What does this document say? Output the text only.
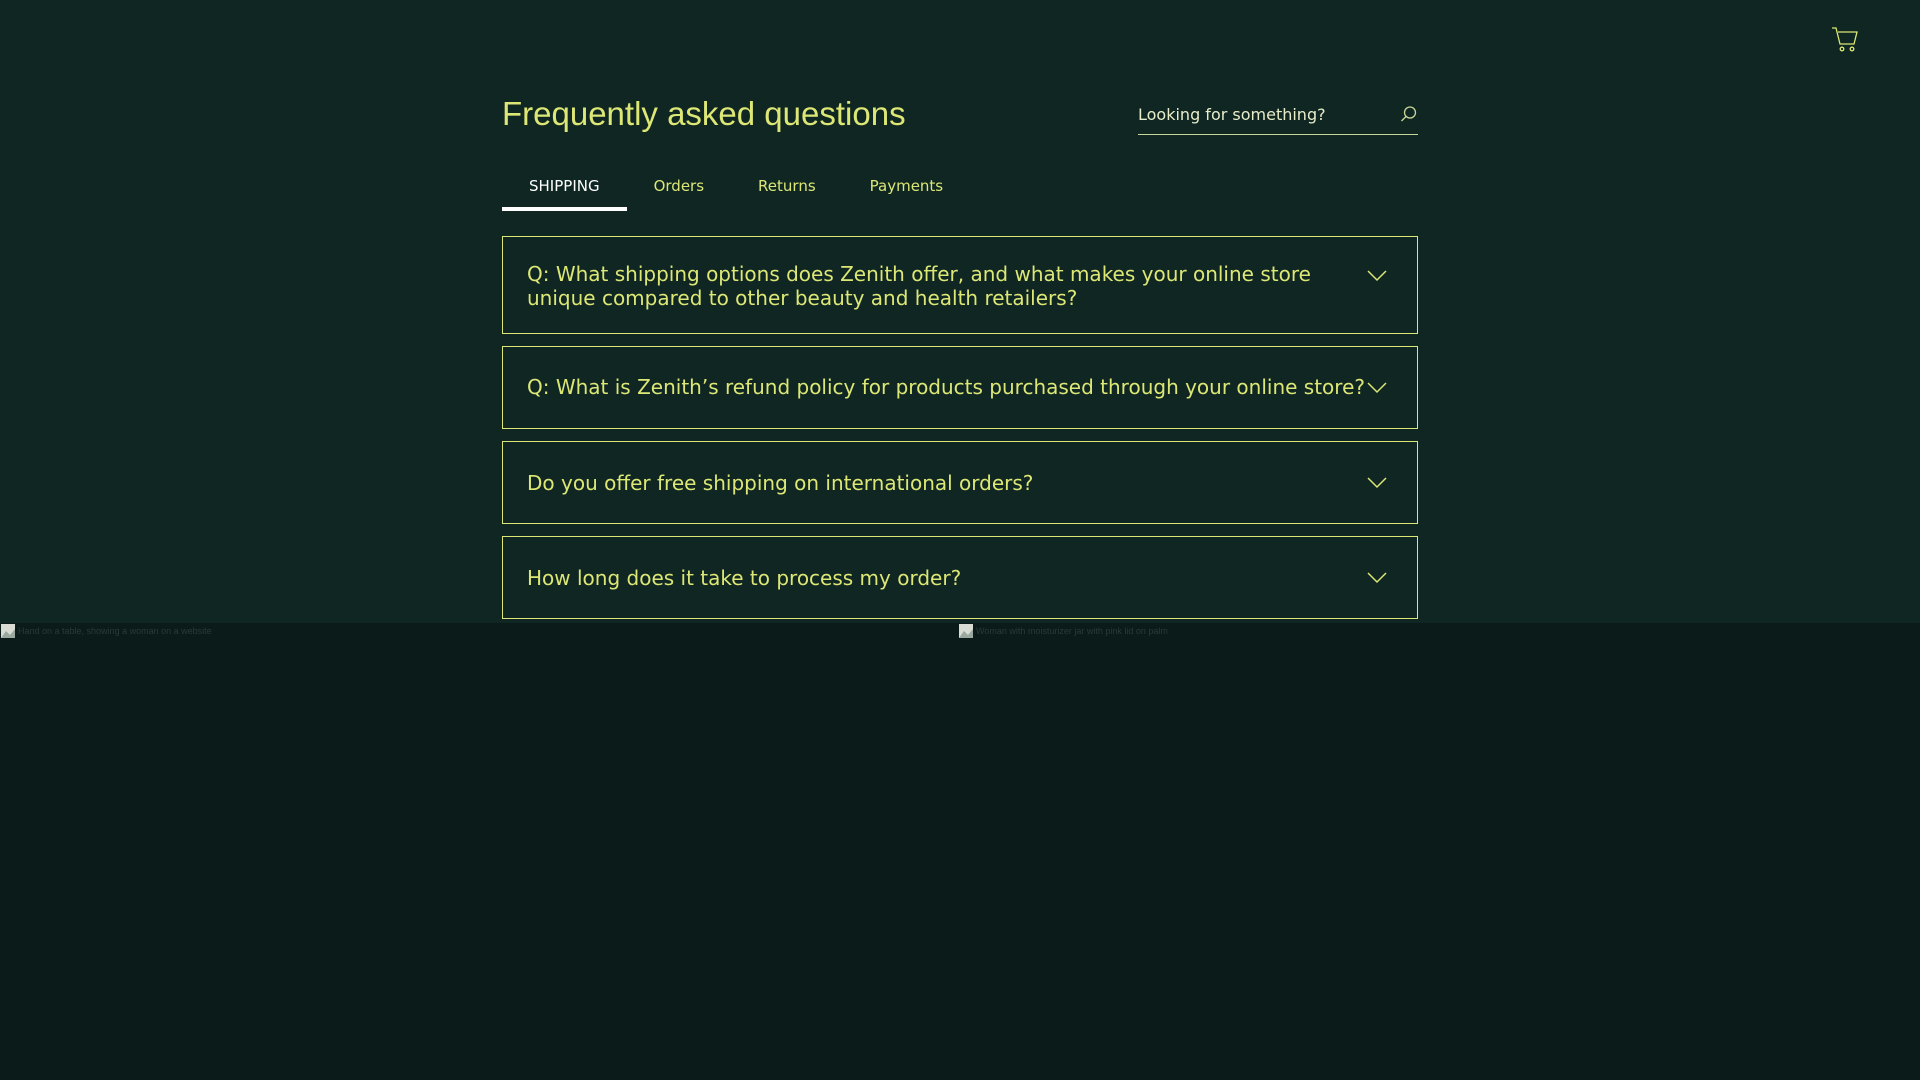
Frequently asked questions
Looking for something?
SHIPPING	Orders	Returns	Payments
Q: What shipping options does Zenith offer, and what makes your online store unique compared to other beauty and health retailers?
Q: What is Zenith’s refund policy for products purchased through your online store?
Do you offer free shipping on international orders?
How long does it take to process my order?
Hand on a table, showing a woman on a website	Woman with moisturizer jar with pink lid on palm
